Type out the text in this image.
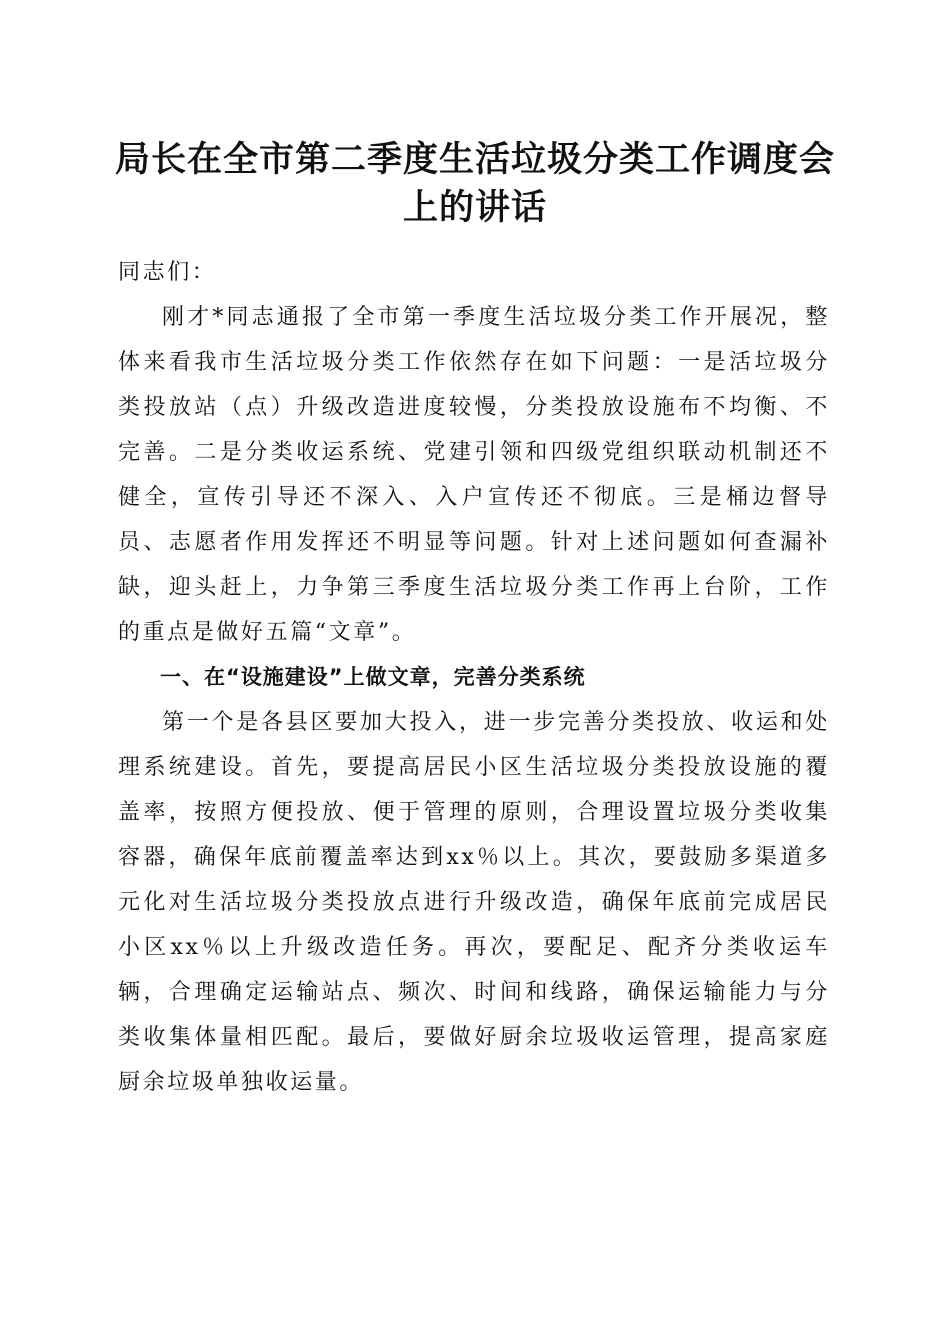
局长在全市第二季度生活垃圾分类工作调度会
上的讲话

同志们：

刚才*同志通报了全市第一季度生活垃圾分类工作开展况，整体来看我市生活垃圾分类工作依然存在如下问题：一是活垃圾分类投放站（点）升级改造进度较慢，分类投放设施布不均衡、不完善。二是分类收运系统、党建引领和四级党组织联动机制还不健全，宣传引导还不深入、入户宣传还不彻底。三是桶边督导员、志愿者作用发挥还不明显等问题。针对上述问题如何查漏补缺，迎头赶上，力争第三季度生活垃圾分类工作再上台阶，工作的重点是做好五篇“文章”。

一、在“设施建设”上做文章，完善分类系统

第一个是各县区要加大投入，进一步完善分类投放、收运和处理系统建设。首先，要提高居民小区生活垃圾分类投放设施的覆盖率，按照方便投放、便于管理的原则，合理设置垃圾分类收集容器，确保年底前覆盖率达到xx％以上。其次，要鼓励多渠道多元化对生活垃圾分类投放点进行升级改造，确保年底前完成居民小区xx％以上升级改造任务。再次，要配足、配齐分类收运车辆，合理确定运输站点、频次、时间和线路，确保运输能力与分类收集体量相匹配。最后，要做好厨余垃圾收运管理，提高家庭厨余垃圾单独收运量。
